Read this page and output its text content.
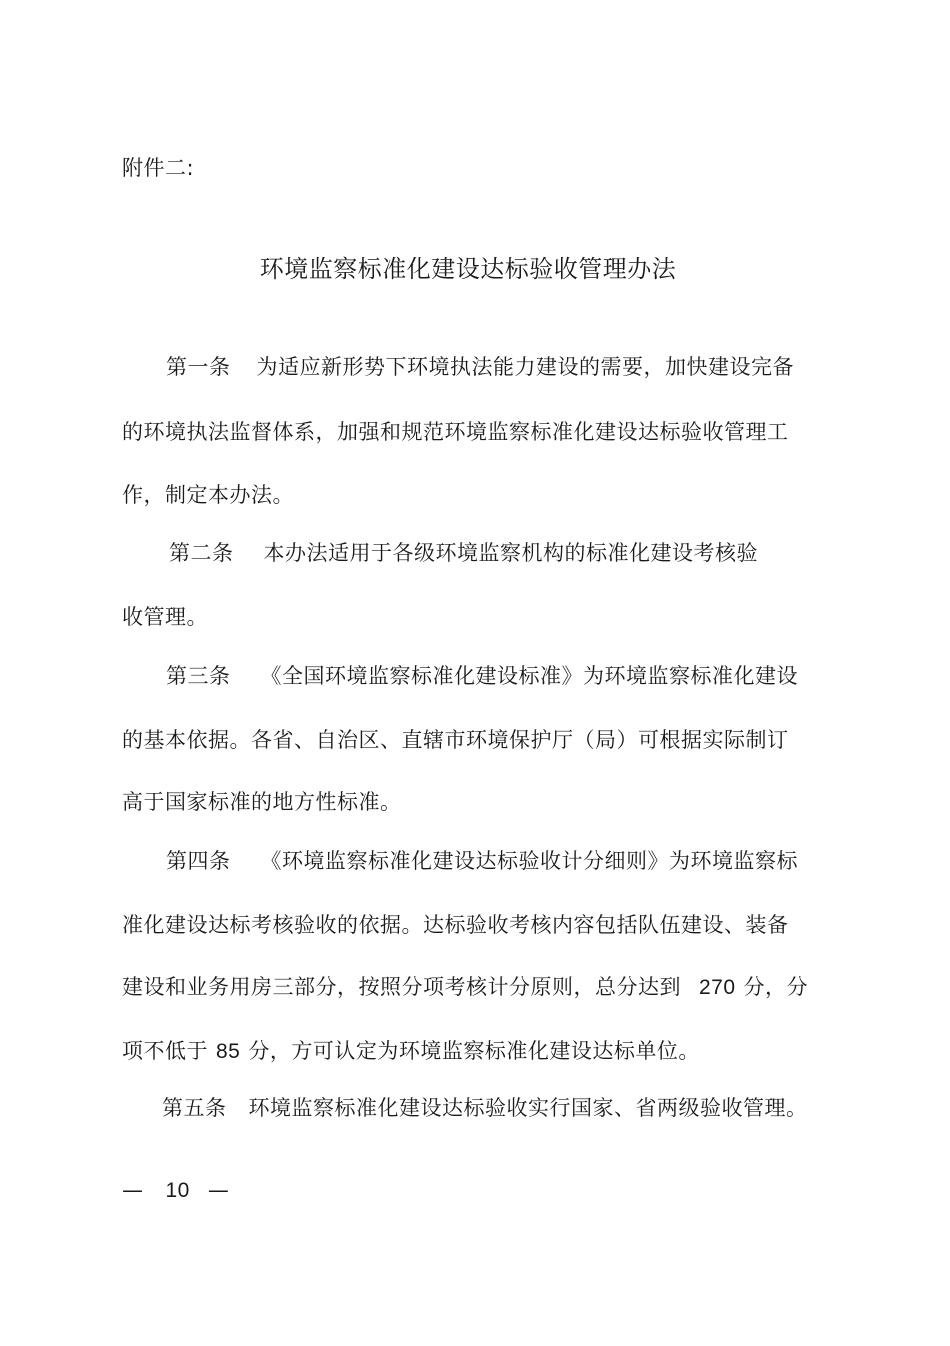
附件二:
环境监察标准化建设达标验收管理办法
第一条 为适应新形势下环境执法能力建设的需要，加快建设完备
的环境执法监督体系，加强和规范环境监察标准化建设达标验收管理工
作，制定本办法。
第二条 本办法适用于各级环境监察机构的标准化建设考核验
收管理。
第三条 《全国环境监察标准化建设标准》为环境监察标准化建设
的基本依据。各省、自治区、直辖市环境保护厅（局）可根据实际制订
高于国家标准的地方性标准。
第四条 《环境监察标准化建设达标验收计分细则》为环境监察标
准化建设达标考核验收的依据。达标验收考核内容包括队伍建设、装备
建设和业务用房三部分，按照分项考核计分原则，总分达到 270 分，分
项不低于 85 分，方可认定为环境监察标准化建设达标单位。
第五条 环境监察标准化建设达标验收实行国家、省两级验收管理。
— 10 —
